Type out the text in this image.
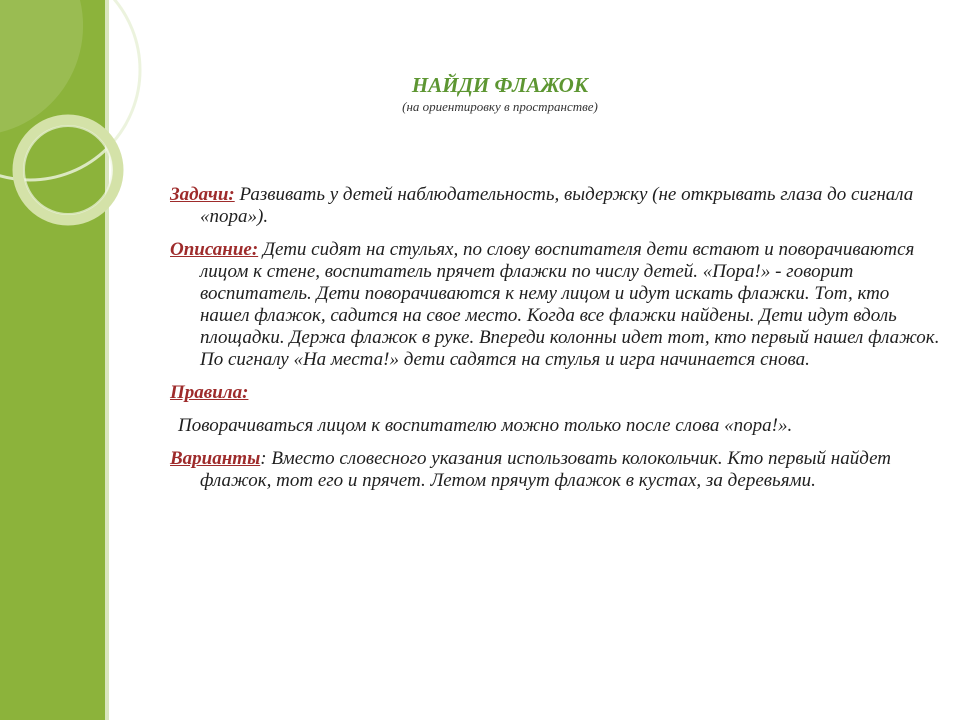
НАЙДИ ФЛАЖОК
(на ориентировку в пространстве)

Задачи: Развивать у детей наблюдательность, выдержку (не открывать глаза до сигнала «пора»).

Описание: Дети сидят на стульях, по слову воспитателя дети встают и поворачиваются лицом к стене, воспитатель прячет флажки по числу детей. «Пора!» - говорит воспитатель. Дети поворачиваются к нему лицом и идут искать флажки. Тот, кто нашел флажок, садится на свое место. Когда все флажки найдены. Дети идут вдоль площадки. Держа флажок в руке. Впереди колонны идет тот, кто первый нашел флажок. По сигналу «На места!» дети садятся на стулья и игра начинается снова.

Правила:

Поворачиваться лицом к воспитателю можно только после слова «пора!».

Варианты: Вместо словесного указания использовать колокольчик. Кто первый найдет флажок, тот его и прячет. Летом прячут флажок в кустах, за деревьями.
